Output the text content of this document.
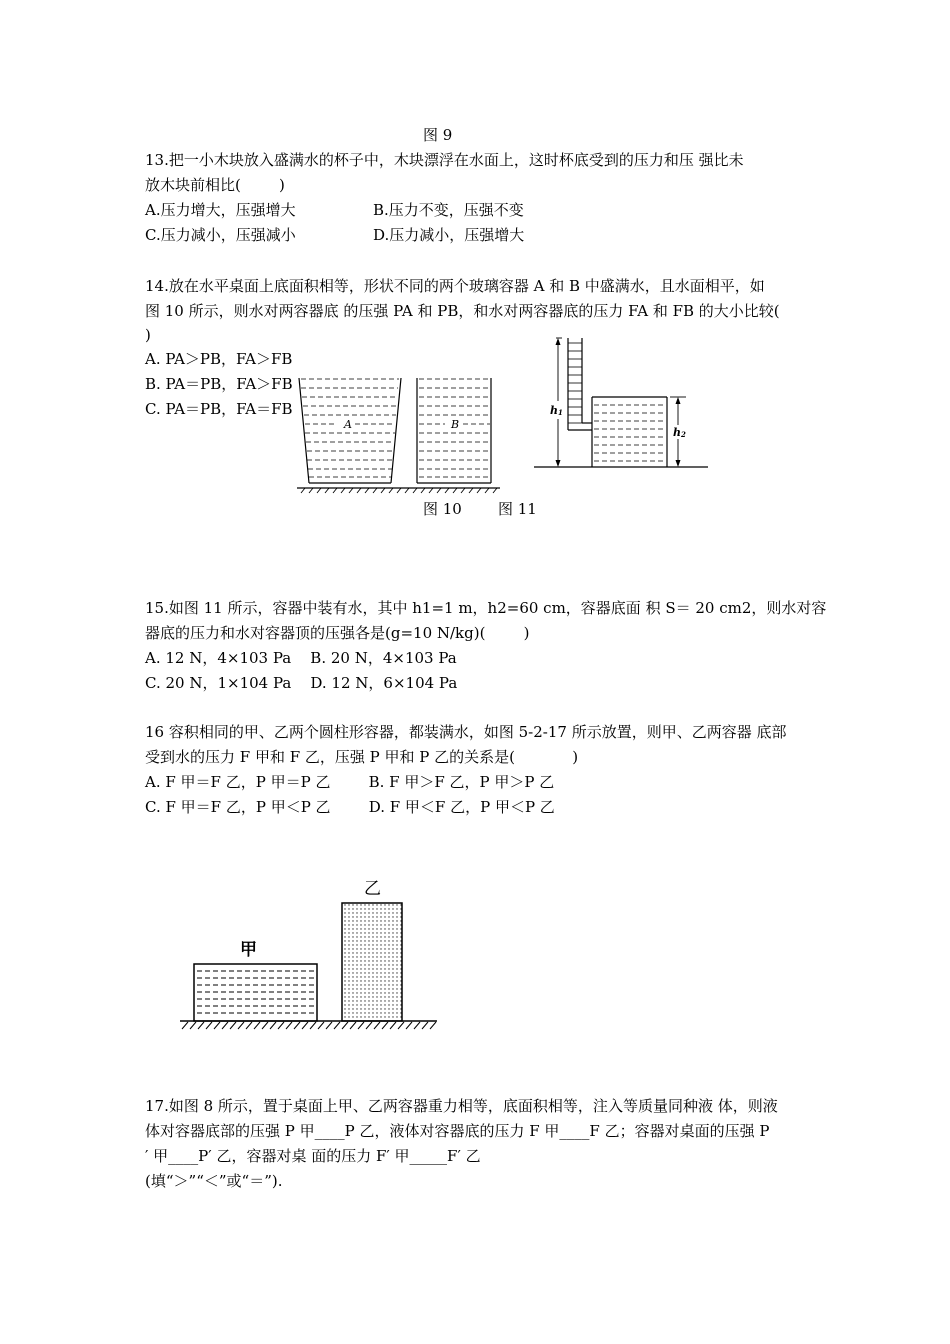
图 9
13.把一小木块放入盛满水的杯子中，木块漂浮在水面上，这时杯底受到的压力和压 强比未
放木块前相比(        )
A.压力增大，压强增大	B.压力不变，压强不变
C.压力减小，压强减小	D.压力减小，压强增大
14.放在水平桌面上底面积相等，形状不同的两个玻璃容器 A 和 B 中盛满水，且水面相平，如
图 10 所示，则水对两容器底 的压强 PA 和 PB，和水对两容器底的压力 FA 和 FB 的大小比较(
)
A. PA＞PB，FA＞FB
B. PA＝PB，FA＞FB
C. PA＝PB，FA＝FB
A	B
h1
h2
图 10 图 11
15.如图 11 所示，容器中装有水，其中 h1=1 m，h2=60 cm，容器底面 积 S＝ 20 cm2，则水对容
器底的压力和水对容器顶的压强各是(g=10 N/kg)(        )
A. 12 N，4×103 Pa    B. 20 N，4×103 Pa
C. 20 N，1×104 Pa    D. 12 N，6×104 Pa
16 容积相同的甲、乙两个圆柱形容器，都装满水，如图 5-2-17 所示放置，则甲、乙两容器 底部
受到水的压力 F 甲和 F 乙，压强 P 甲和 P 乙的关系是(            )
A. F 甲＝F 乙，P 甲＝P 乙        B. F 甲＞F 乙，P 甲＞P 乙
C. F 甲＝F 乙，P 甲＜P 乙        D. F 甲＜F 乙，P 甲＜P 乙
甲
乙
17.如图 8 所示，置于桌面上甲、乙两容器重力相等，底面积相等，注入等质量同种液 体，则液
体对容器底部的压强 P 甲____P 乙，液体对容器底的压力 F 甲____F 乙；容器对桌面的压强 P
′ 甲____P′ 乙，容器对桌 面的压力 F′ 甲_____F′ 乙
(填“＞”“＜”或“＝”).
